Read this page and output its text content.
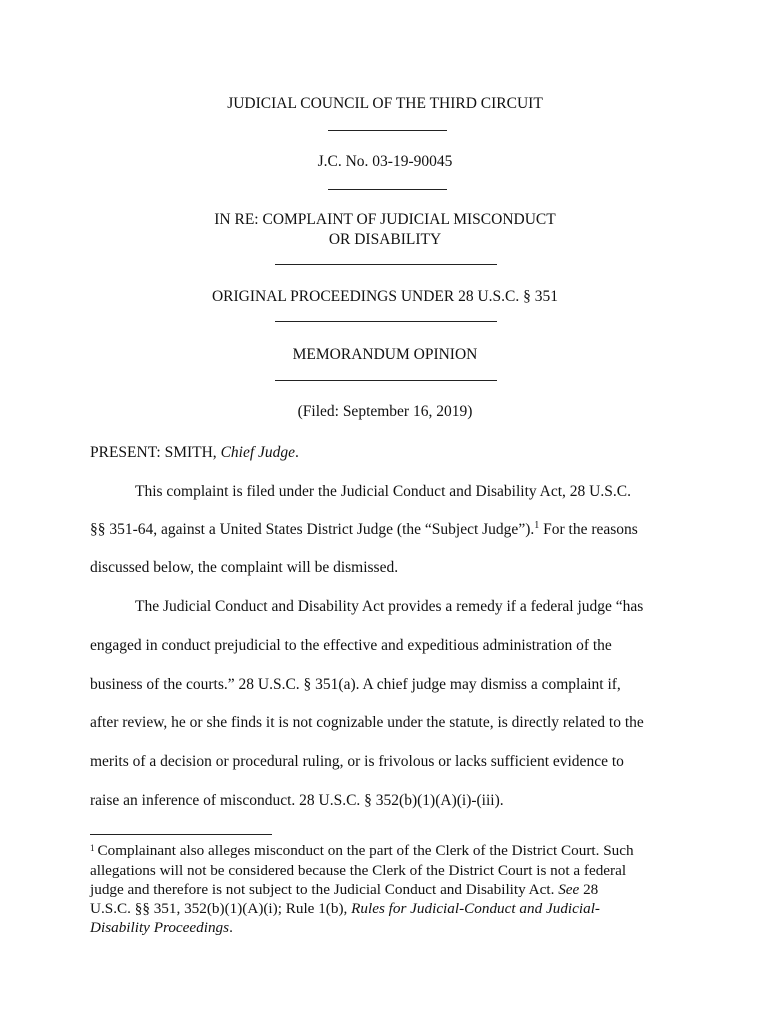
JUDICIAL COUNCIL OF THE THIRD CIRCUIT
J.C. No. 03-19-90045
IN RE: COMPLAINT OF JUDICIAL MISCONDUCT
OR DISABILITY
ORIGINAL PROCEEDINGS UNDER 28 U.S.C. § 351
MEMORANDUM OPINION
(Filed: September 16, 2019)
PRESENT: SMITH, Chief Judge.
This complaint is filed under the Judicial Conduct and Disability Act, 28 U.S.C.
§§ 351-64, against a United States District Judge (the “Subject Judge”).$^1$ For the reasons
discussed below, the complaint will be dismissed.
The Judicial Conduct and Disability Act provides a remedy if a federal judge “has
engaged in conduct prejudicial to the effective and expeditious administration of the
business of the courts.” 28 U.S.C. § 351(a). A chief judge may dismiss a complaint if,
after review, he or she finds it is not cognizable under the statute, is directly related to the
merits of a decision or procedural ruling, or is frivolous or lacks sufficient evidence to
raise an inference of misconduct. 28 U.S.C. § 352(b)(1)(A)(i)-(iii).
$^1$ Complainant also alleges misconduct on the part of the Clerk of the District Court. Such
allegations will not be considered because the Clerk of the District Court is not a federal
judge and therefore is not subject to the Judicial Conduct and Disability Act. See 28
U.S.C. §§ 351, 352(b)(1)(A)(i); Rule 1(b), Rules for Judicial-Conduct and Judicial-
Disability Proceedings.
